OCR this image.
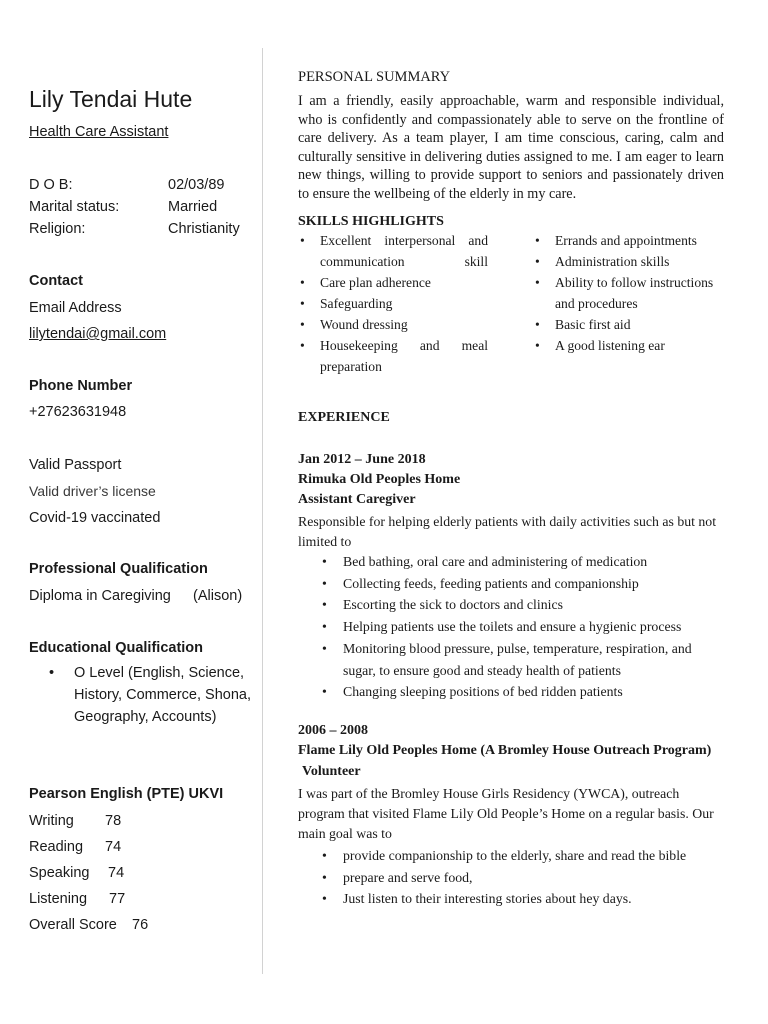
Lily Tendai Hute
Health Care Assistant
D O B:	02/03/89
Marital status:	Married
Religion:	Christianity
Contact
Email Address
lilytendai@gmail.com
Phone Number
+27623631948
Valid Passport
Valid driver’s license
Covid-19 vaccinated
Professional Qualification
Diploma in Caregiving (Alison)
Educational Qualification
• O Level (English, Science, History, Commerce, Shona, Geography, Accounts)
Pearson English (PTE) UKVI
Writing 78
Reading 74
Speaking 74
Listening 77
Overall Score 76
PERSONAL SUMMARY
I am a friendly, easily approachable, warm and responsible individual, who is confidently and compassionately able to serve on the frontline of care delivery. As a team player, I am time conscious, caring, calm and culturally sensitive in delivering duties assigned to me. I am eager to learn new things, willing to provide support to seniors and passionately driven to ensure the wellbeing of the elderly in my care.
SKILLS HIGHLIGHTS
• Excellent interpersonal and communication skill
• Care plan adherence
• Safeguarding
• Wound dressing
• Housekeeping and meal preparation
• Errands and appointments
• Administration skills
• Ability to follow instructions and procedures
• Basic first aid
• A good listening ear
EXPERIENCE
Jan 2012 – June 2018
Rimuka Old Peoples Home
Assistant Caregiver
Responsible for helping elderly patients with daily activities such as but not limited to
• Bed bathing, oral care and administering of medication
• Collecting feeds, feeding patients and companionship
• Escorting the sick to doctors and clinics
• Helping patients use the toilets and ensure a hygienic process
• Monitoring blood pressure, pulse, temperature, respiration, and sugar, to ensure good and steady health of patients
• Changing sleeping positions of bed ridden patients
2006 – 2008
Flame Lily Old Peoples Home (A Bromley House Outreach Program)
Volunteer
I was part of the Bromley House Girls Residency (YWCA), outreach program that visited Flame Lily Old People’s Home on a regular basis. Our main goal was to
• provide companionship to the elderly, share and read the bible
• prepare and serve food,
• Just listen to their interesting stories about hey days.
